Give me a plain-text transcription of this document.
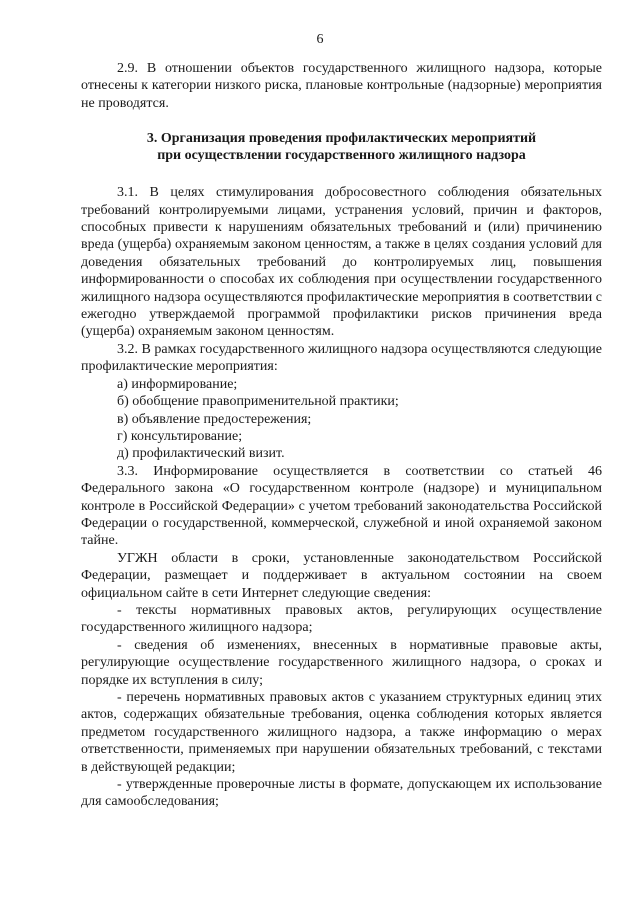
6

2.9. В отношении объектов государственного жилищного надзора, которые отнесены к категории низкого риска, плановые контрольные (надзорные) мероприятия не проводятся.

3. Организация проведения профилактических мероприятий
при осуществлении государственного жилищного надзора

3.1. В целях стимулирования добросовестного соблюдения обязательных требований контролируемыми лицами, устранения условий, причин и факторов, способных привести к нарушениям обязательных требований и (или) причинению вреда (ущерба) охраняемым законом ценностям, а также в целях создания условий для доведения обязательных требований до контролируемых лиц, повышения информированности о способах их соблюдения при осуществлении государственного жилищного надзора осуществляются профилактические мероприятия в соответствии с ежегодно утверждаемой программой профилактики рисков причинения вреда (ущерба) охраняемым законом ценностям.

3.2. В рамках государственного жилищного надзора осуществляются следующие профилактические мероприятия:

а) информирование;

б) обобщение правоприменительной практики;

в) объявление предостережения;

г) консультирование;

д) профилактический визит.

3.3. Информирование осуществляется в соответствии со статьей 46 Федерального закона «О государственном контроле (надзоре) и муниципальном контроле в Российской Федерации» с учетом требований законодательства Российской Федерации о государственной, коммерческой, служебной и иной охраняемой законом тайне.

УГЖН области в сроки, установленные законодательством Российской Федерации, размещает и поддерживает в актуальном состоянии на своем официальном сайте в сети Интернет следующие сведения:

- тексты нормативных правовых актов, регулирующих осуществление государственного жилищного надзора;

- сведения об изменениях, внесенных в нормативные правовые акты, регулирующие осуществление государственного жилищного надзора, о сроках и порядке их вступления в силу;

- перечень нормативных правовых актов с указанием структурных единиц этих актов, содержащих обязательные требования, оценка соблюдения которых является предметом государственного жилищного надзора, а также информацию о мерах ответственности, применяемых при нарушении обязательных требований, с текстами в действующей редакции;

- утвержденные проверочные листы в формате, допускающем их использование для самообследования;
